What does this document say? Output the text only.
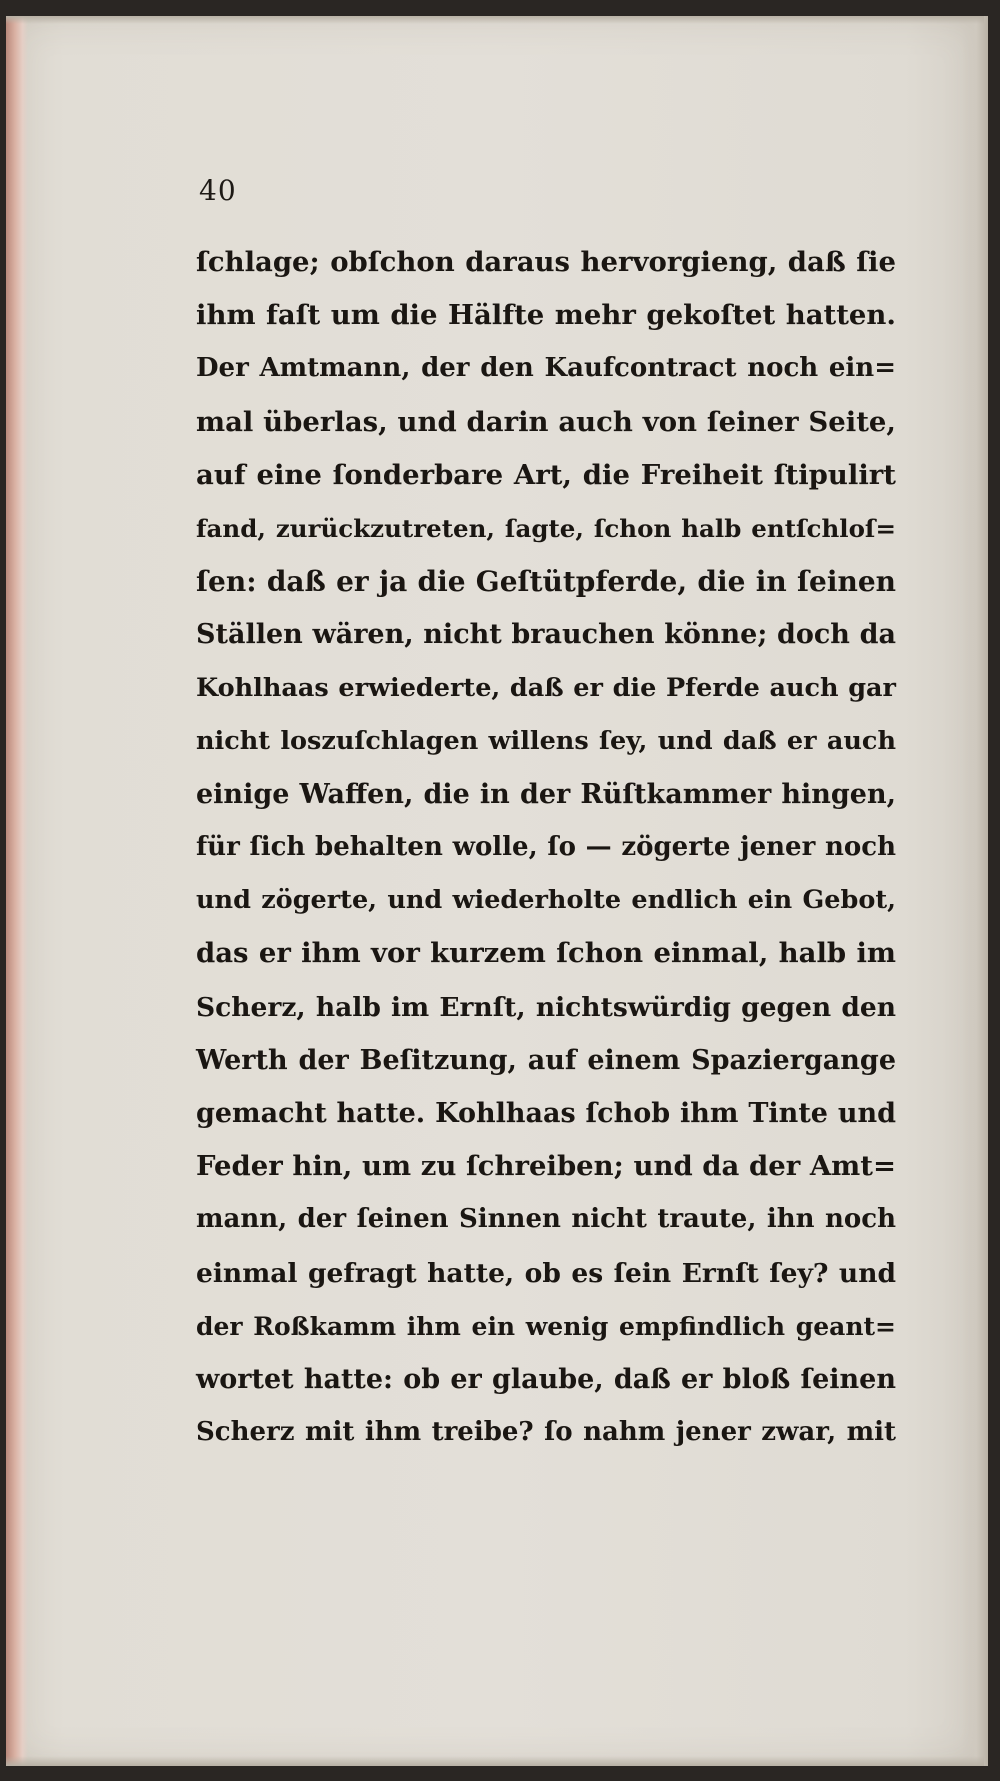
40
ſchlage; obſchon daraus hervorgieng, daß ſie
ihm faſt um die Hälfte mehr gekoſtet hatten.
Der Amtmann, der den Kaufcontract noch ein=
mal überlas, und darin auch von ſeiner Seite,
auf eine ſonderbare Art, die Freiheit ſtipulirt
fand, zurückzutreten, ſagte, ſchon halb entſchloſ=
ſen: daß er ja die Geſtütpferde, die in ſeinen
Ställen wären, nicht brauchen könne; doch da
Kohlhaas erwiederte, daß er die Pferde auch gar
nicht loszuſchlagen willens ſey, und daß er auch
einige Waffen, die in der Rüſtkammer hingen,
für ſich behalten wolle, ſo — zögerte jener noch
und zögerte, und wiederholte endlich ein Gebot,
das er ihm vor kurzem ſchon einmal, halb im
Scherz, halb im Ernſt, nichtswürdig gegen den
Werth der Beſitzung, auf einem Spaziergange
gemacht hatte. Kohlhaas ſchob ihm Tinte und
Feder hin, um zu ſchreiben; und da der Amt=
mann, der ſeinen Sinnen nicht traute, ihn noch
einmal gefragt hatte, ob es ſein Ernſt ſey? und
der Roßkamm ihm ein wenig empfindlich geant=
wortet hatte: ob er glaube, daß er bloß ſeinen
Scherz mit ihm treibe? ſo nahm jener zwar, mit
